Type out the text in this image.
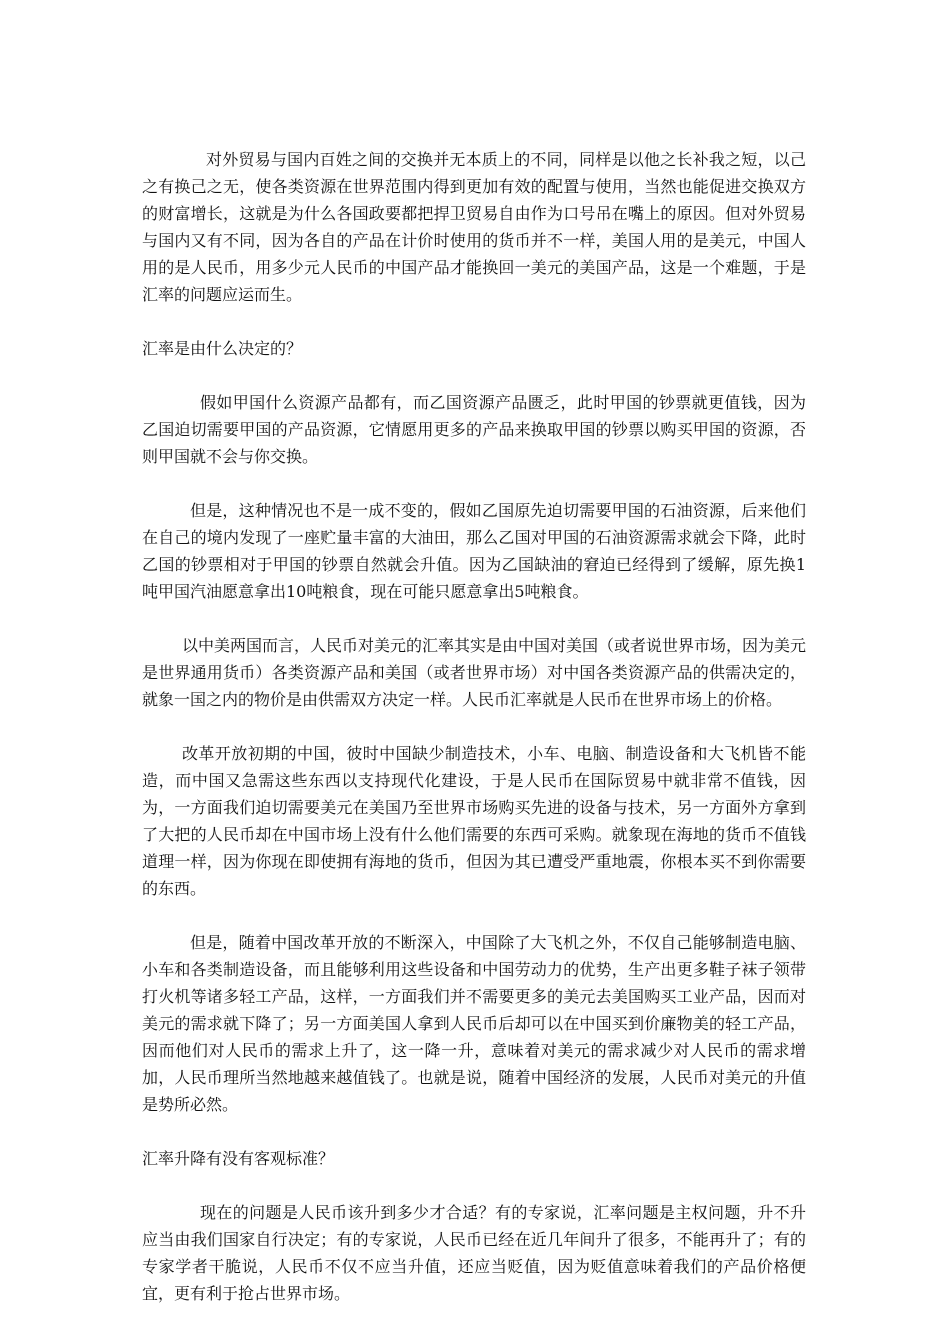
对外贸易与国内百姓之间的交换并无本质上的不同，同样是以他之长补我之短，以己之有换己之无，使各类资源在世界范围内得到更加有效的配置与使用，当然也能促进交换双方的财富增长，这就是为什么各国政要都把捍卫贸易自由作为口号吊在嘴上的原因。但对外贸易与国内又有不同，因为各自的产品在计价时使用的货币并不一样，美国人用的是美元，中国人用的是人民币，用多少元人民币的中国产品才能换回一美元的美国产品，这是一个难题，于是汇率的问题应运而生。

汇率是由什么决定的？

假如甲国什么资源产品都有，而乙国资源产品匮乏，此时甲国的钞票就更值钱，因为乙国迫切需要甲国的产品资源，它情愿用更多的产品来换取甲国的钞票以购买甲国的资源，否则甲国就不会与你交换。

但是，这种情况也不是一成不变的，假如乙国原先迫切需要甲国的石油资源，后来他们在自己的境内发现了一座贮量丰富的大油田，那么乙国对甲国的石油资源需求就会下降，此时乙国的钞票相对于甲国的钞票自然就会升值。因为乙国缺油的窘迫已经得到了缓解，原先换1吨甲国汽油愿意拿出10吨粮食，现在可能只愿意拿出5吨粮食。

以中美两国而言，人民币对美元的汇率其实是由中国对美国（或者说世界市场，因为美元是世界通用货币）各类资源产品和美国（或者世界市场）对中国各类资源产品的供需决定的，就象一国之内的物价是由供需双方决定一样。人民币汇率就是人民币在世界市场上的价格。

改革开放初期的中国，彼时中国缺少制造技术，小车、电脑、制造设备和大飞机皆不能造，而中国又急需这些东西以支持现代化建设，于是人民币在国际贸易中就非常不值钱，因为，一方面我们迫切需要美元在美国乃至世界市场购买先进的设备与技术，另一方面外方拿到了大把的人民币却在中国市场上没有什么他们需要的东西可采购。就象现在海地的货币不值钱道理一样，因为你现在即使拥有海地的货币，但因为其已遭受严重地震，你根本买不到你需要的东西。

但是，随着中国改革开放的不断深入，中国除了大飞机之外，不仅自己能够制造电脑、小车和各类制造设备，而且能够利用这些设备和中国劳动力的优势，生产出更多鞋子袜子领带打火机等诸多轻工产品，这样，一方面我们并不需要更多的美元去美国购买工业产品，因而对美元的需求就下降了；另一方面美国人拿到人民币后却可以在中国买到价廉物美的轻工产品，因而他们对人民币的需求上升了，这一降一升，意味着对美元的需求减少对人民币的需求增加，人民币理所当然地越来越值钱了。也就是说，随着中国经济的发展，人民币对美元的升值是势所必然。

汇率升降有没有客观标准？

现在的问题是人民币该升到多少才合适？有的专家说，汇率问题是主权问题，升不升应当由我们国家自行决定；有的专家说，人民币已经在近几年间升了很多，不能再升了；有的专家学者干脆说，人民币不仅不应当升值，还应当贬值，因为贬值意味着我们的产品价格便宜，更有利于抢占世界市场。
